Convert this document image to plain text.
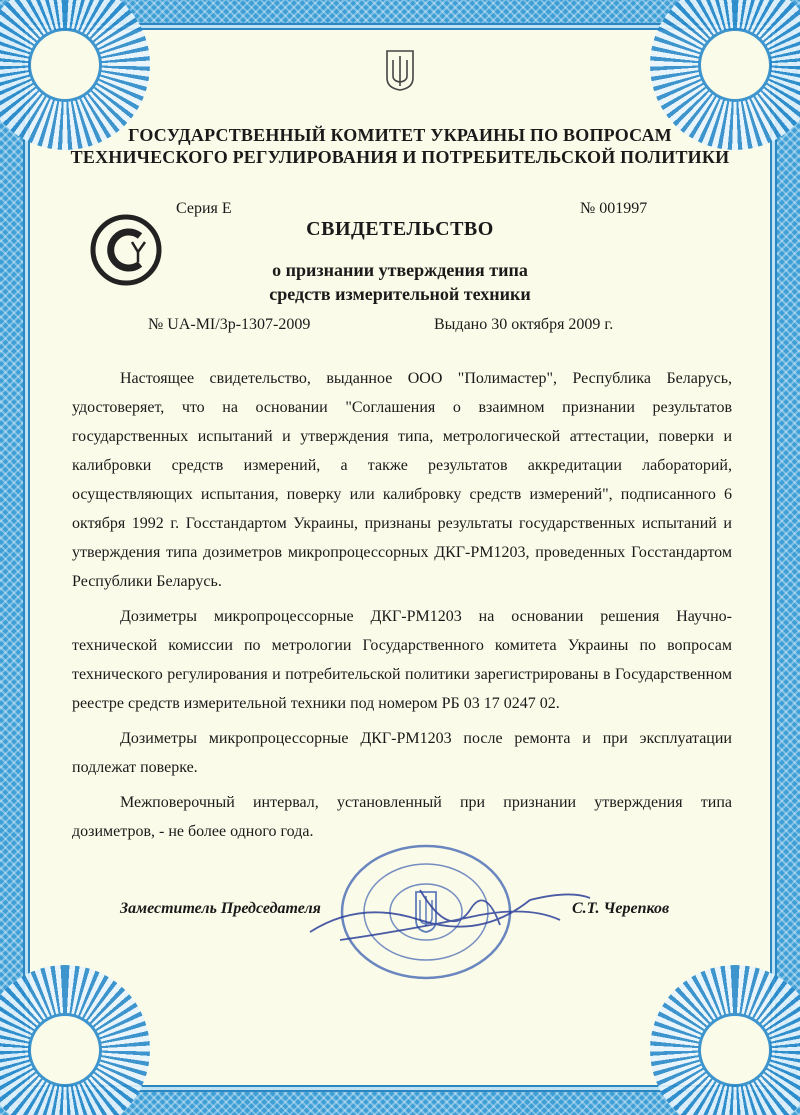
ГОСУДАРСТВЕННЫЙ КОМИТЕТ УКРАИНЫ ПО ВОПРОСАМ
ТЕХНИЧЕСКОГО РЕГУЛИРОВАНИЯ И ПОТРЕБИТЕЛЬСКОЙ ПОЛИТИКИ
Серия Е	№ 001997
СВИДЕТЕЛЬСТВО
о признании утверждения типа
средств измерительной техники
№ UA-MI/3р-1307-2009	Выдано 30 октября 2009 г.

Настоящее свидетельство, выданное ООО "Полимастер", Республика Беларусь, удостоверяет, что на основании "Соглашения о взаимном признании результатов государственных испытаний и утверждения типа, метрологической аттестации, поверки и калибровки средств измерений, а также результатов аккредитации лабораторий, осуществляющих испытания, поверку или калибровку средств измерений", подписанного 6 октября 1992 г. Госстандартом Украины, признаны результаты государственных испытаний и утверждения типа дозиметров микропроцессорных ДКГ-РМ1203, проведенных Госстандартом Республики Беларусь.

Дозиметры микропроцессорные ДКГ-РМ1203 на основании решения Научно-технической комиссии по метрологии Государственного комитета Украины по вопросам технического регулирования и потребительской политики зарегистрированы в Государственном реестре средств измерительной техники под номером РБ 03 17 0247 02.

Дозиметры микропроцессорные ДКГ-РМ1203 после ремонта и при эксплуатации подлежат поверке.

Межповерочный интервал, установленный при признании утверждения типа дозиметров, - не более одного года.

Заместитель Председателя	С.Т. Черепков
